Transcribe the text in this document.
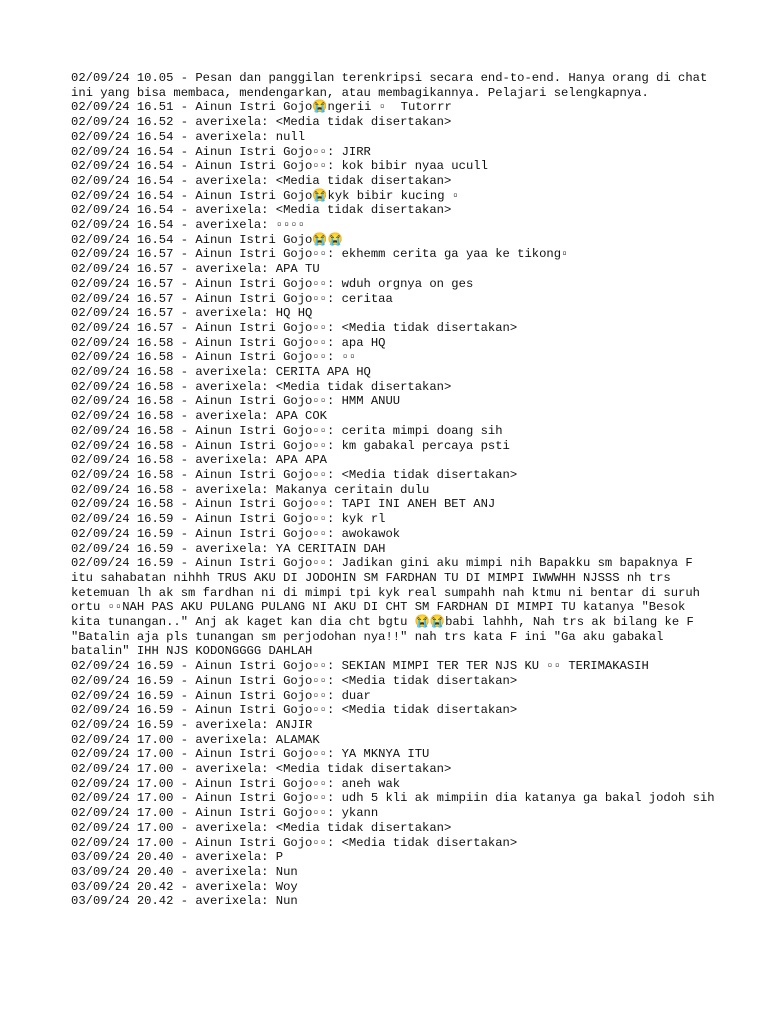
02/09/24 10.05 - Pesan dan panggilan terenkripsi secara end-to-end. Hanya orang di chat ini yang bisa membaca, mendengarkan, atau membagikannya. Pelajari selengkapnya.
02/09/24 16.51 - Ainun Istri Gojo😭ngerii ▫  Tutorrr
02/09/24 16.52 - averixela: <Media tidak disertakan>
02/09/24 16.54 - averixela: null
02/09/24 16.54 - Ainun Istri Gojo▫▫: JIRR
02/09/24 16.54 - Ainun Istri Gojo▫▫: kok bibir nyaa ucull
02/09/24 16.54 - averixela: <Media tidak disertakan>
02/09/24 16.54 - Ainun Istri Gojo😭kyk bibir kucing ▫
02/09/24 16.54 - averixela: <Media tidak disertakan>
02/09/24 16.54 - averixela: ▫▫▫▫
02/09/24 16.54 - Ainun Istri Gojo😭😭
02/09/24 16.57 - Ainun Istri Gojo▫▫: ekhemm cerita ga yaa ke tikong▫
02/09/24 16.57 - averixela: APA TU
02/09/24 16.57 - Ainun Istri Gojo▫▫: wduh orgnya on ges
02/09/24 16.57 - Ainun Istri Gojo▫▫: ceritaa
02/09/24 16.57 - averixela: HQ HQ
02/09/24 16.57 - Ainun Istri Gojo▫▫: <Media tidak disertakan>
02/09/24 16.58 - Ainun Istri Gojo▫▫: apa HQ
02/09/24 16.58 - Ainun Istri Gojo▫▫: ▫▫
02/09/24 16.58 - averixela: CERITA APA HQ
02/09/24 16.58 - averixela: <Media tidak disertakan>
02/09/24 16.58 - Ainun Istri Gojo▫▫: HMM ANUU
02/09/24 16.58 - averixela: APA COK
02/09/24 16.58 - Ainun Istri Gojo▫▫: cerita mimpi doang sih
02/09/24 16.58 - Ainun Istri Gojo▫▫: km gabakal percaya psti
02/09/24 16.58 - averixela: APA APA
02/09/24 16.58 - Ainun Istri Gojo▫▫: <Media tidak disertakan>
02/09/24 16.58 - averixela: Makanya ceritain dulu
02/09/24 16.58 - Ainun Istri Gojo▫▫: TAPI INI ANEH BET ANJ
02/09/24 16.59 - Ainun Istri Gojo▫▫: kyk rl
02/09/24 16.59 - Ainun Istri Gojo▫▫: awokawok
02/09/24 16.59 - averixela: YA CERITAIN DAH
02/09/24 16.59 - Ainun Istri Gojo▫▫: Jadikan gini aku mimpi nih Bapakku sm bapaknya F itu sahabatan nihhh TRUS AKU DI JODOHIN SM FARDHAN TU DI MIMPI IWWWHH NJSSS nh trs ketemuan lh ak sm fardhan ni di mimpi tpi kyk real sumpahh nah ktmu ni bentar di suruh ortu ▫▫NAH PAS AKU PULANG PULANG NI AKU DI CHT SM FARDHAN DI MIMPI TU katanya "Besok kita tunangan.." Anj ak kaget kan dia cht bgtu 😭😭babi lahhh, Nah trs ak bilang ke F "Batalin aja pls tunangan sm perjodohan nya!!" nah trs kata F ini "Ga aku gabakal batalin" IHH NJS KODONGGGG DAHLAH
02/09/24 16.59 - Ainun Istri Gojo▫▫: SEKIAN MIMPI TER TER NJS KU ▫▫ TERIMAKASIH
02/09/24 16.59 - Ainun Istri Gojo▫▫: <Media tidak disertakan>
02/09/24 16.59 - Ainun Istri Gojo▫▫: duar
02/09/24 16.59 - Ainun Istri Gojo▫▫: <Media tidak disertakan>
02/09/24 16.59 - averixela: ANJIR
02/09/24 17.00 - averixela: ALAMAK
02/09/24 17.00 - Ainun Istri Gojo▫▫: YA MKNYA ITU
02/09/24 17.00 - averixela: <Media tidak disertakan>
02/09/24 17.00 - Ainun Istri Gojo▫▫: aneh wak
02/09/24 17.00 - Ainun Istri Gojo▫▫: udh 5 kli ak mimpiin dia katanya ga bakal jodoh sih
02/09/24 17.00 - Ainun Istri Gojo▫▫: ykann
02/09/24 17.00 - averixela: <Media tidak disertakan>
02/09/24 17.00 - Ainun Istri Gojo▫▫: <Media tidak disertakan>
03/09/24 20.40 - averixela: P
03/09/24 20.40 - averixela: Nun
03/09/24 20.42 - averixela: Woy
03/09/24 20.42 - averixela: Nun
